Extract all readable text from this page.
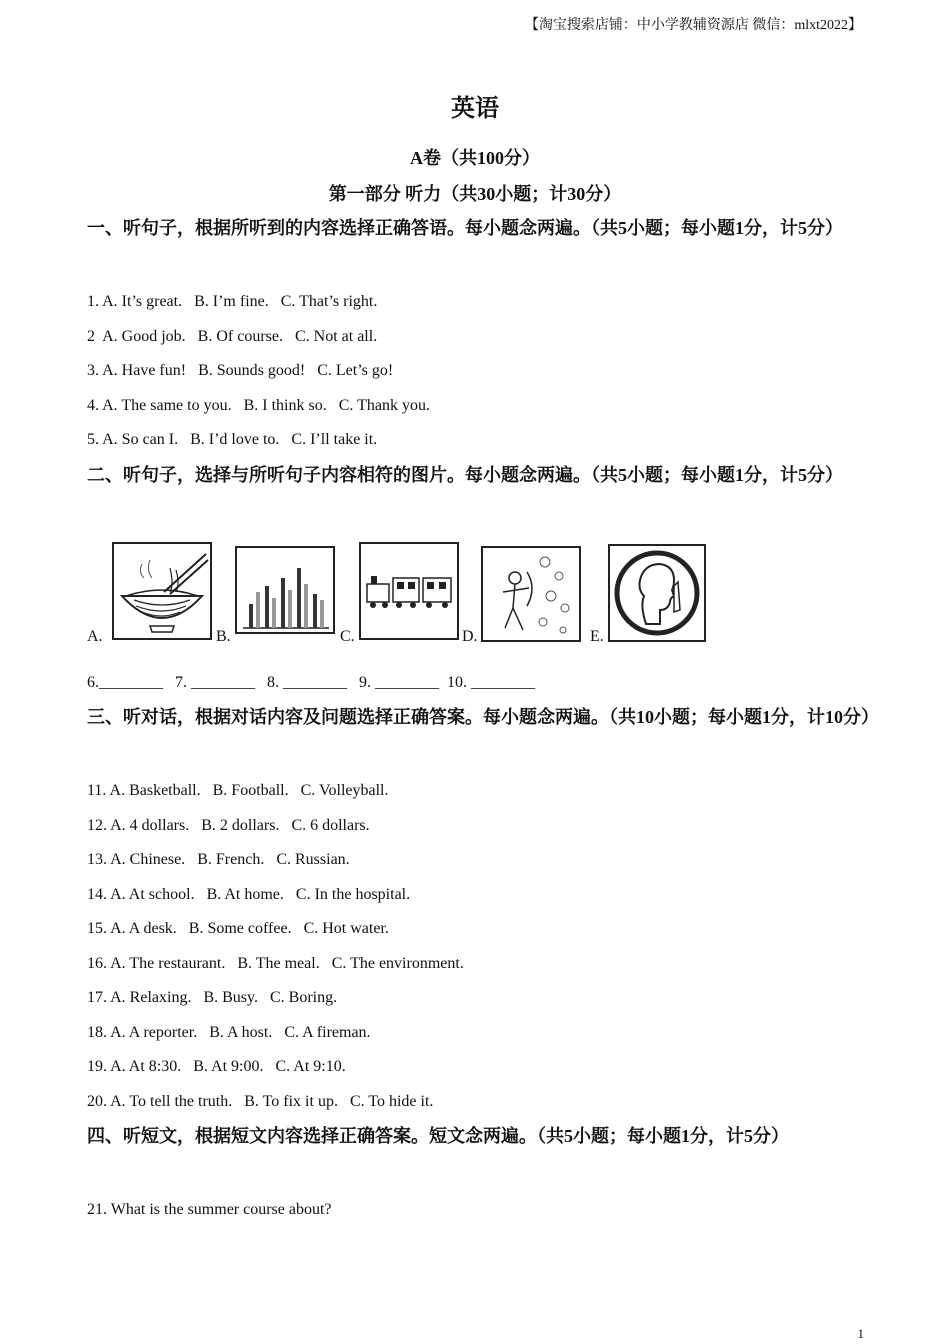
【淘宝搜索店铺：中小学教辅资源店 微信：mlxt2022】
英语
A卷（共100分）
第一部分 听力（共30小题；计30分）
一、听句子，根据所听到的内容选择正确答语。每小题念两遍。（共5小题；每小题1分，计5分）
1. A. It’s great.   B. I’m fine.   C. That’s right.
2  A. Good job.   B. Of course.   C. Not at all.
3. A. Have fun!   B. Sounds good!   C. Let’s go!
4. A. The same to you.   B. I think so.   C. Thank you.
5. A. So can I.   B. I’d love to.   C. I’ll take it.
二、听句子，选择与所听句子内容相符的图片。每小题念两遍。（共5小题；每小题1分，计5分）
A.	B.	C.	D.	E.
6.________   7. ________   8. ________   9. ________  10. ________
三、听对话，根据对话内容及问题选择正确答案。每小题念两遍。（共10小题；每小题1分，计10分）
11. A. Basketball.   B. Football.   C. Volleyball.
12. A. 4 dollars.   B. 2 dollars.   C. 6 dollars.
13. A. Chinese.   B. French.   C. Russian.
14. A. At school.   B. At home.   C. In the hospital.
15. A. A desk.   B. Some coffee.   C. Hot water.
16. A. The restaurant.   B. The meal.   C. The environment.
17. A. Relaxing.   B. Busy.   C. Boring.
18. A. A reporter.   B. A host.   C. A fireman.
19. A. At 8:30.   B. At 9:00.   C. At 9:10.
20. A. To tell the truth.   B. To fix it up.   C. To hide it.
四、听短文，根据短文内容选择正确答案。短文念两遍。（共5小题；每小题1分，计5分）
21. What is the summer course about?
1
